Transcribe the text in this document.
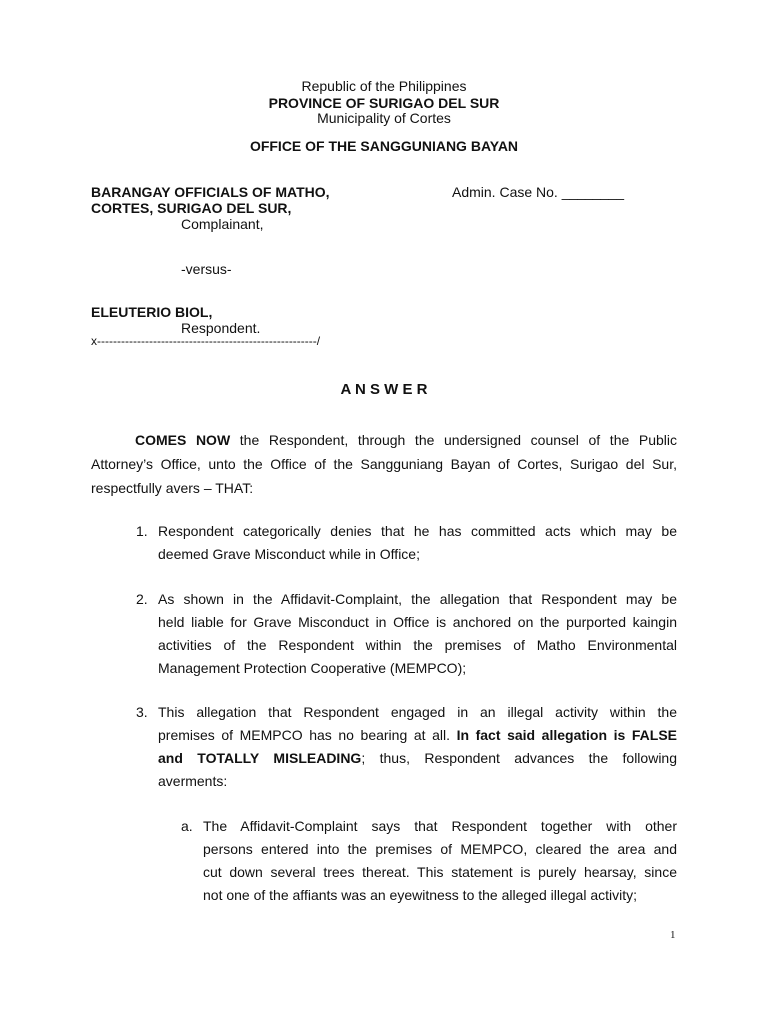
Republic of the Philippines
PROVINCE OF SURIGAO DEL SUR
Municipality of Cortes
OFFICE OF THE SANGGUNIANG BAYAN
BARANGAY OFFICIALS OF MATHO,
CORTES, SURIGAO DEL SUR,
Complainant,
Admin. Case No. ________
-versus-
ELEUTERIO BIOL,
Respondent.
x-------------------------------------------------------/
A N S W E R
COMES NOW the Respondent, through the undersigned counsel of the Public
Attorney’s Office, unto the Office of the Sangguniang Bayan of Cortes, Surigao del Sur,
respectfully avers – THAT:
1. Respondent categorically denies that he has committed acts which may be
deemed Grave Misconduct while in Office;
2. As shown in the Affidavit-Complaint, the allegation that Respondent may be
held liable for Grave Misconduct in Office is anchored on the purported kaingin
activities of the Respondent within the premises of Matho Environmental
Management Protection Cooperative (MEMPCO);
3. This allegation that Respondent engaged in an illegal activity within the
premises of MEMPCO has no bearing at all. In fact said allegation is FALSE
and TOTALLY MISLEADING; thus, Respondent advances the following
averments:
a. The Affidavit-Complaint says that Respondent together with other
persons entered into the premises of MEMPCO, cleared the area and
cut down several trees thereat. This statement is purely hearsay, since
not one of the affiants was an eyewitness to the alleged illegal activity;
1
